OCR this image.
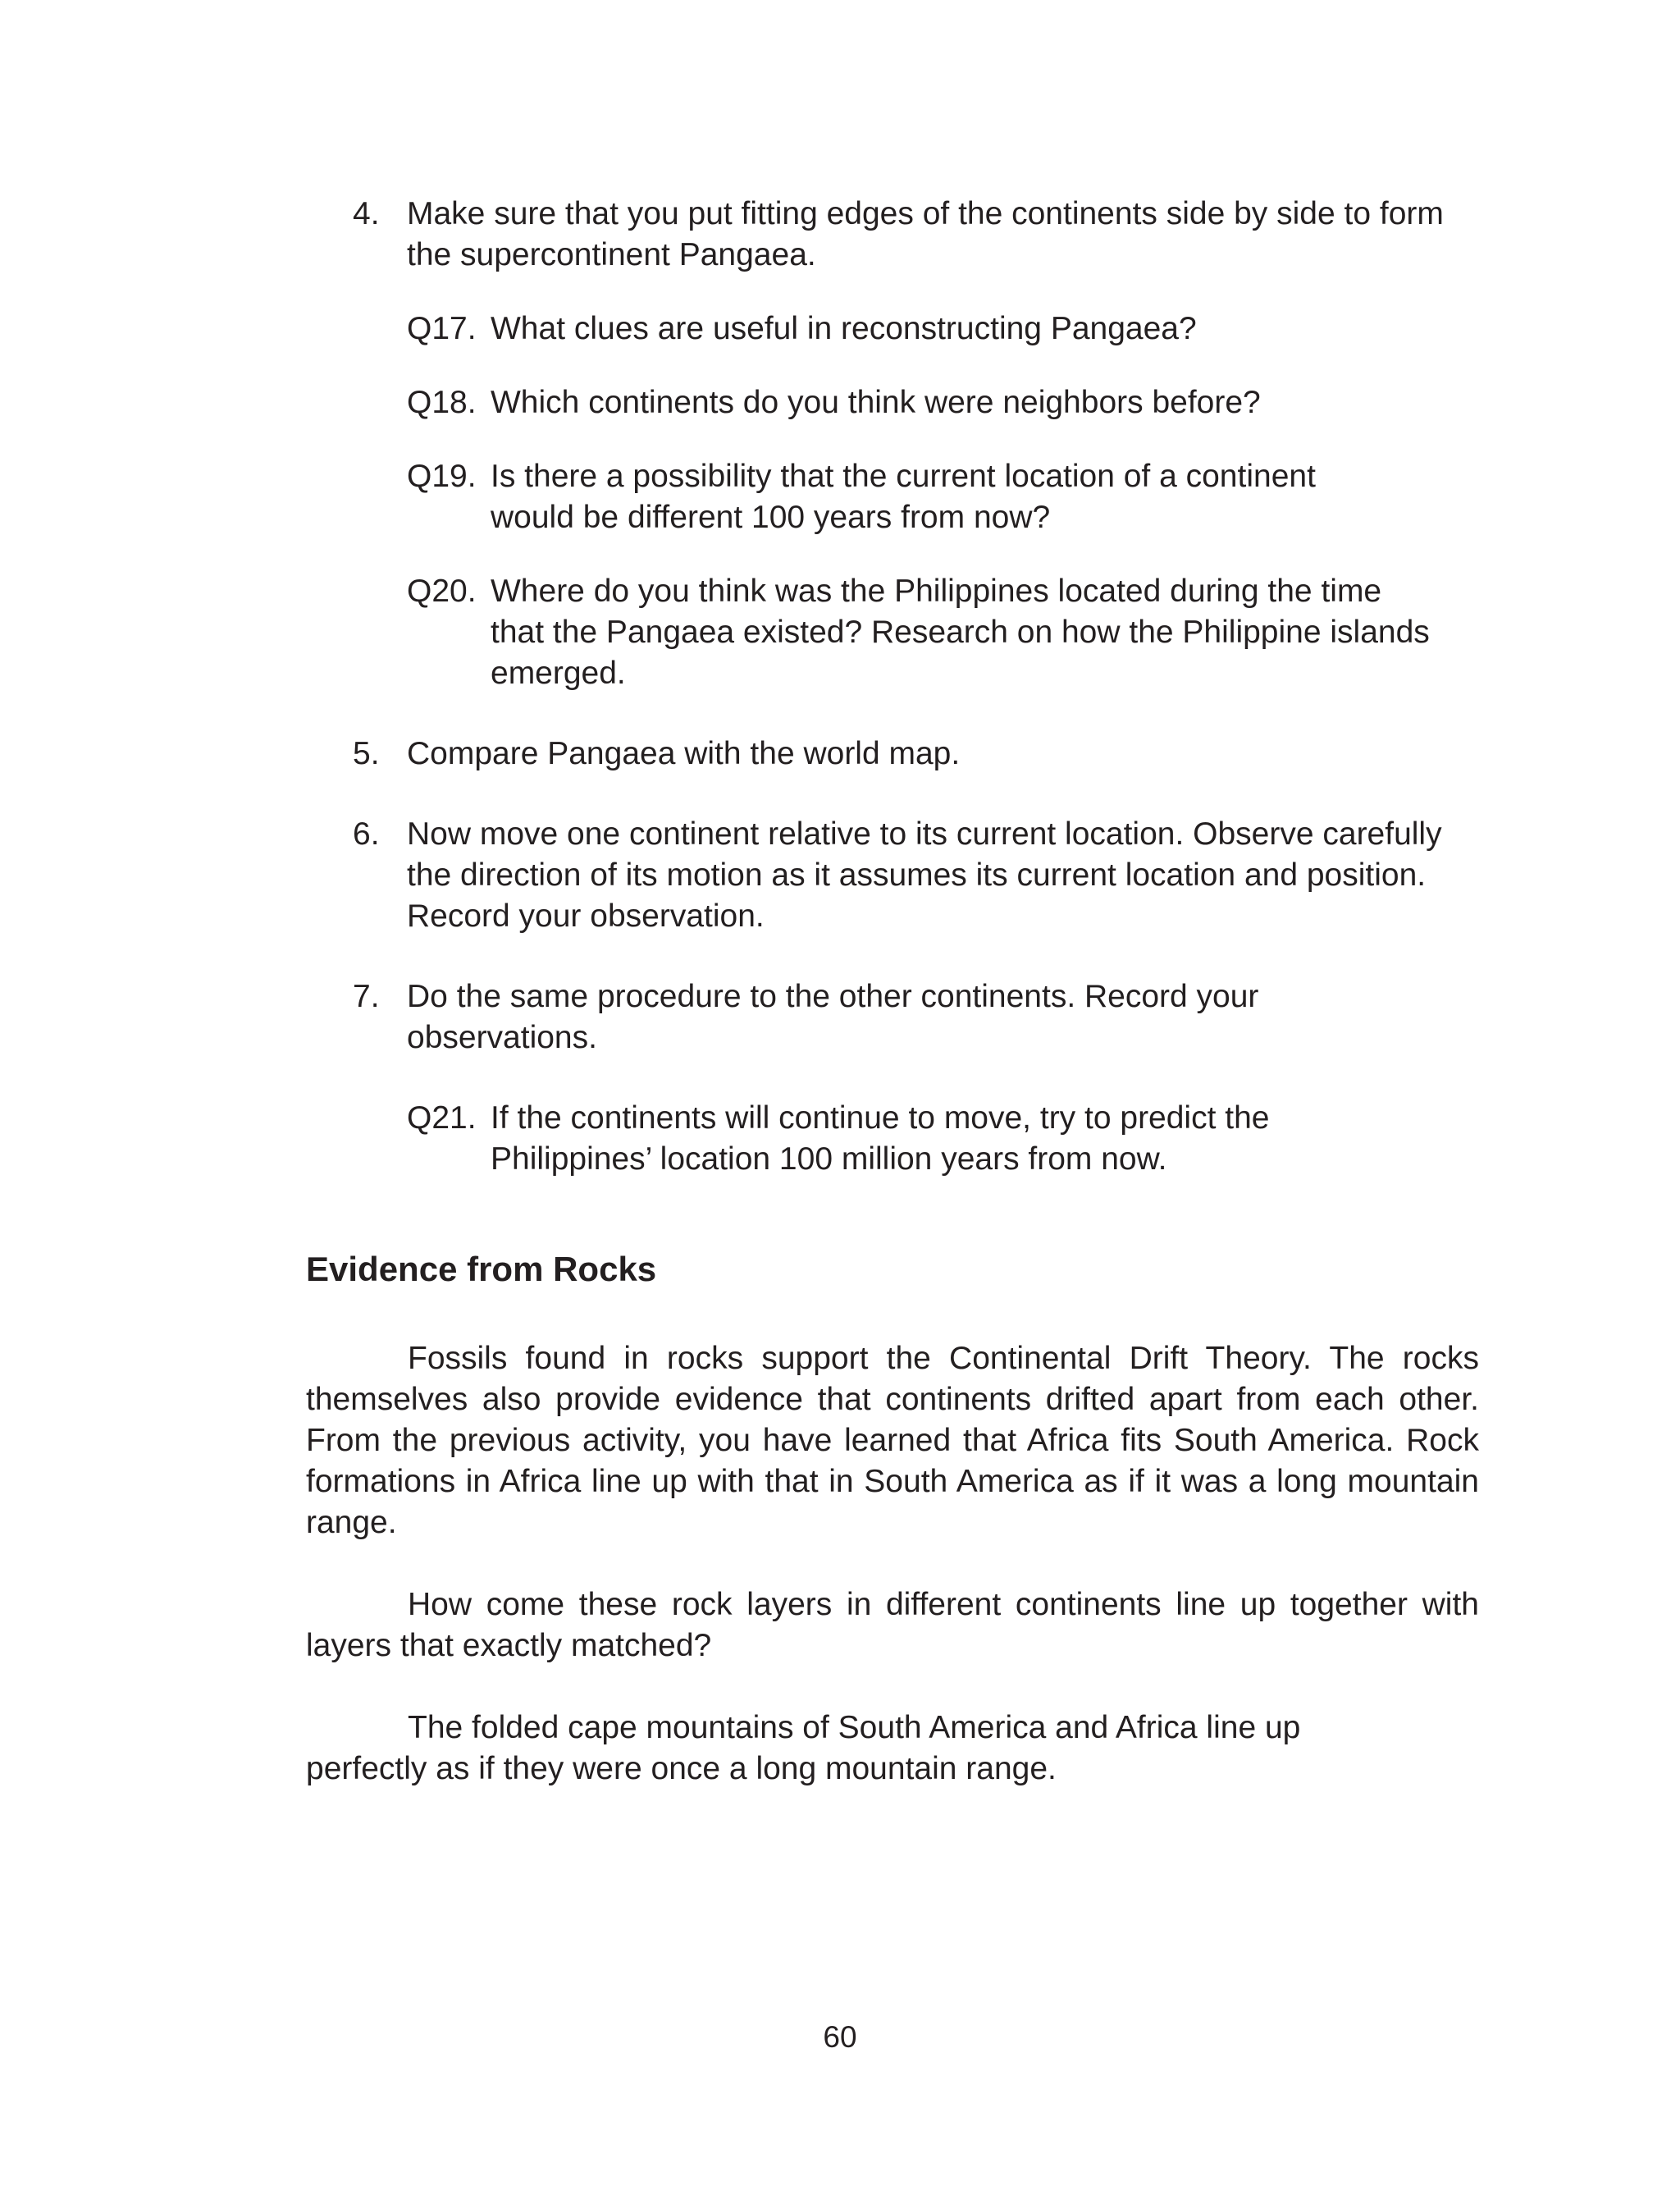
4. Make sure that you put fitting edges of the continents side by side to form the supercontinent Pangaea.

Q17. What clues are useful in reconstructing Pangaea?

Q18. Which continents do you think were neighbors before?

Q19. Is there a possibility that the current location of a continent would be different 100 years from now?

Q20. Where do you think was the Philippines located during the time that the Pangaea existed? Research on how the Philippine islands emerged.

5. Compare Pangaea with the world map.

6. Now move one continent relative to its current location. Observe carefully the direction of its motion as it assumes its current location and position. Record your observation.

7. Do the same procedure to the other continents. Record your observations.

Q21. If the continents will continue to move, try to predict the Philippines’ location 100 million years from now.

Evidence from Rocks

Fossils found in rocks support the Continental Drift Theory. The rocks themselves also provide evidence that continents drifted apart from each other. From the previous activity, you have learned that Africa fits South America. Rock formations in Africa line up with that in South America as if it was a long mountain range.

How come these rock layers in different continents line up together with layers that exactly matched?

The folded cape mountains of South America and Africa line up perfectly as if they were once a long mountain range.

60
